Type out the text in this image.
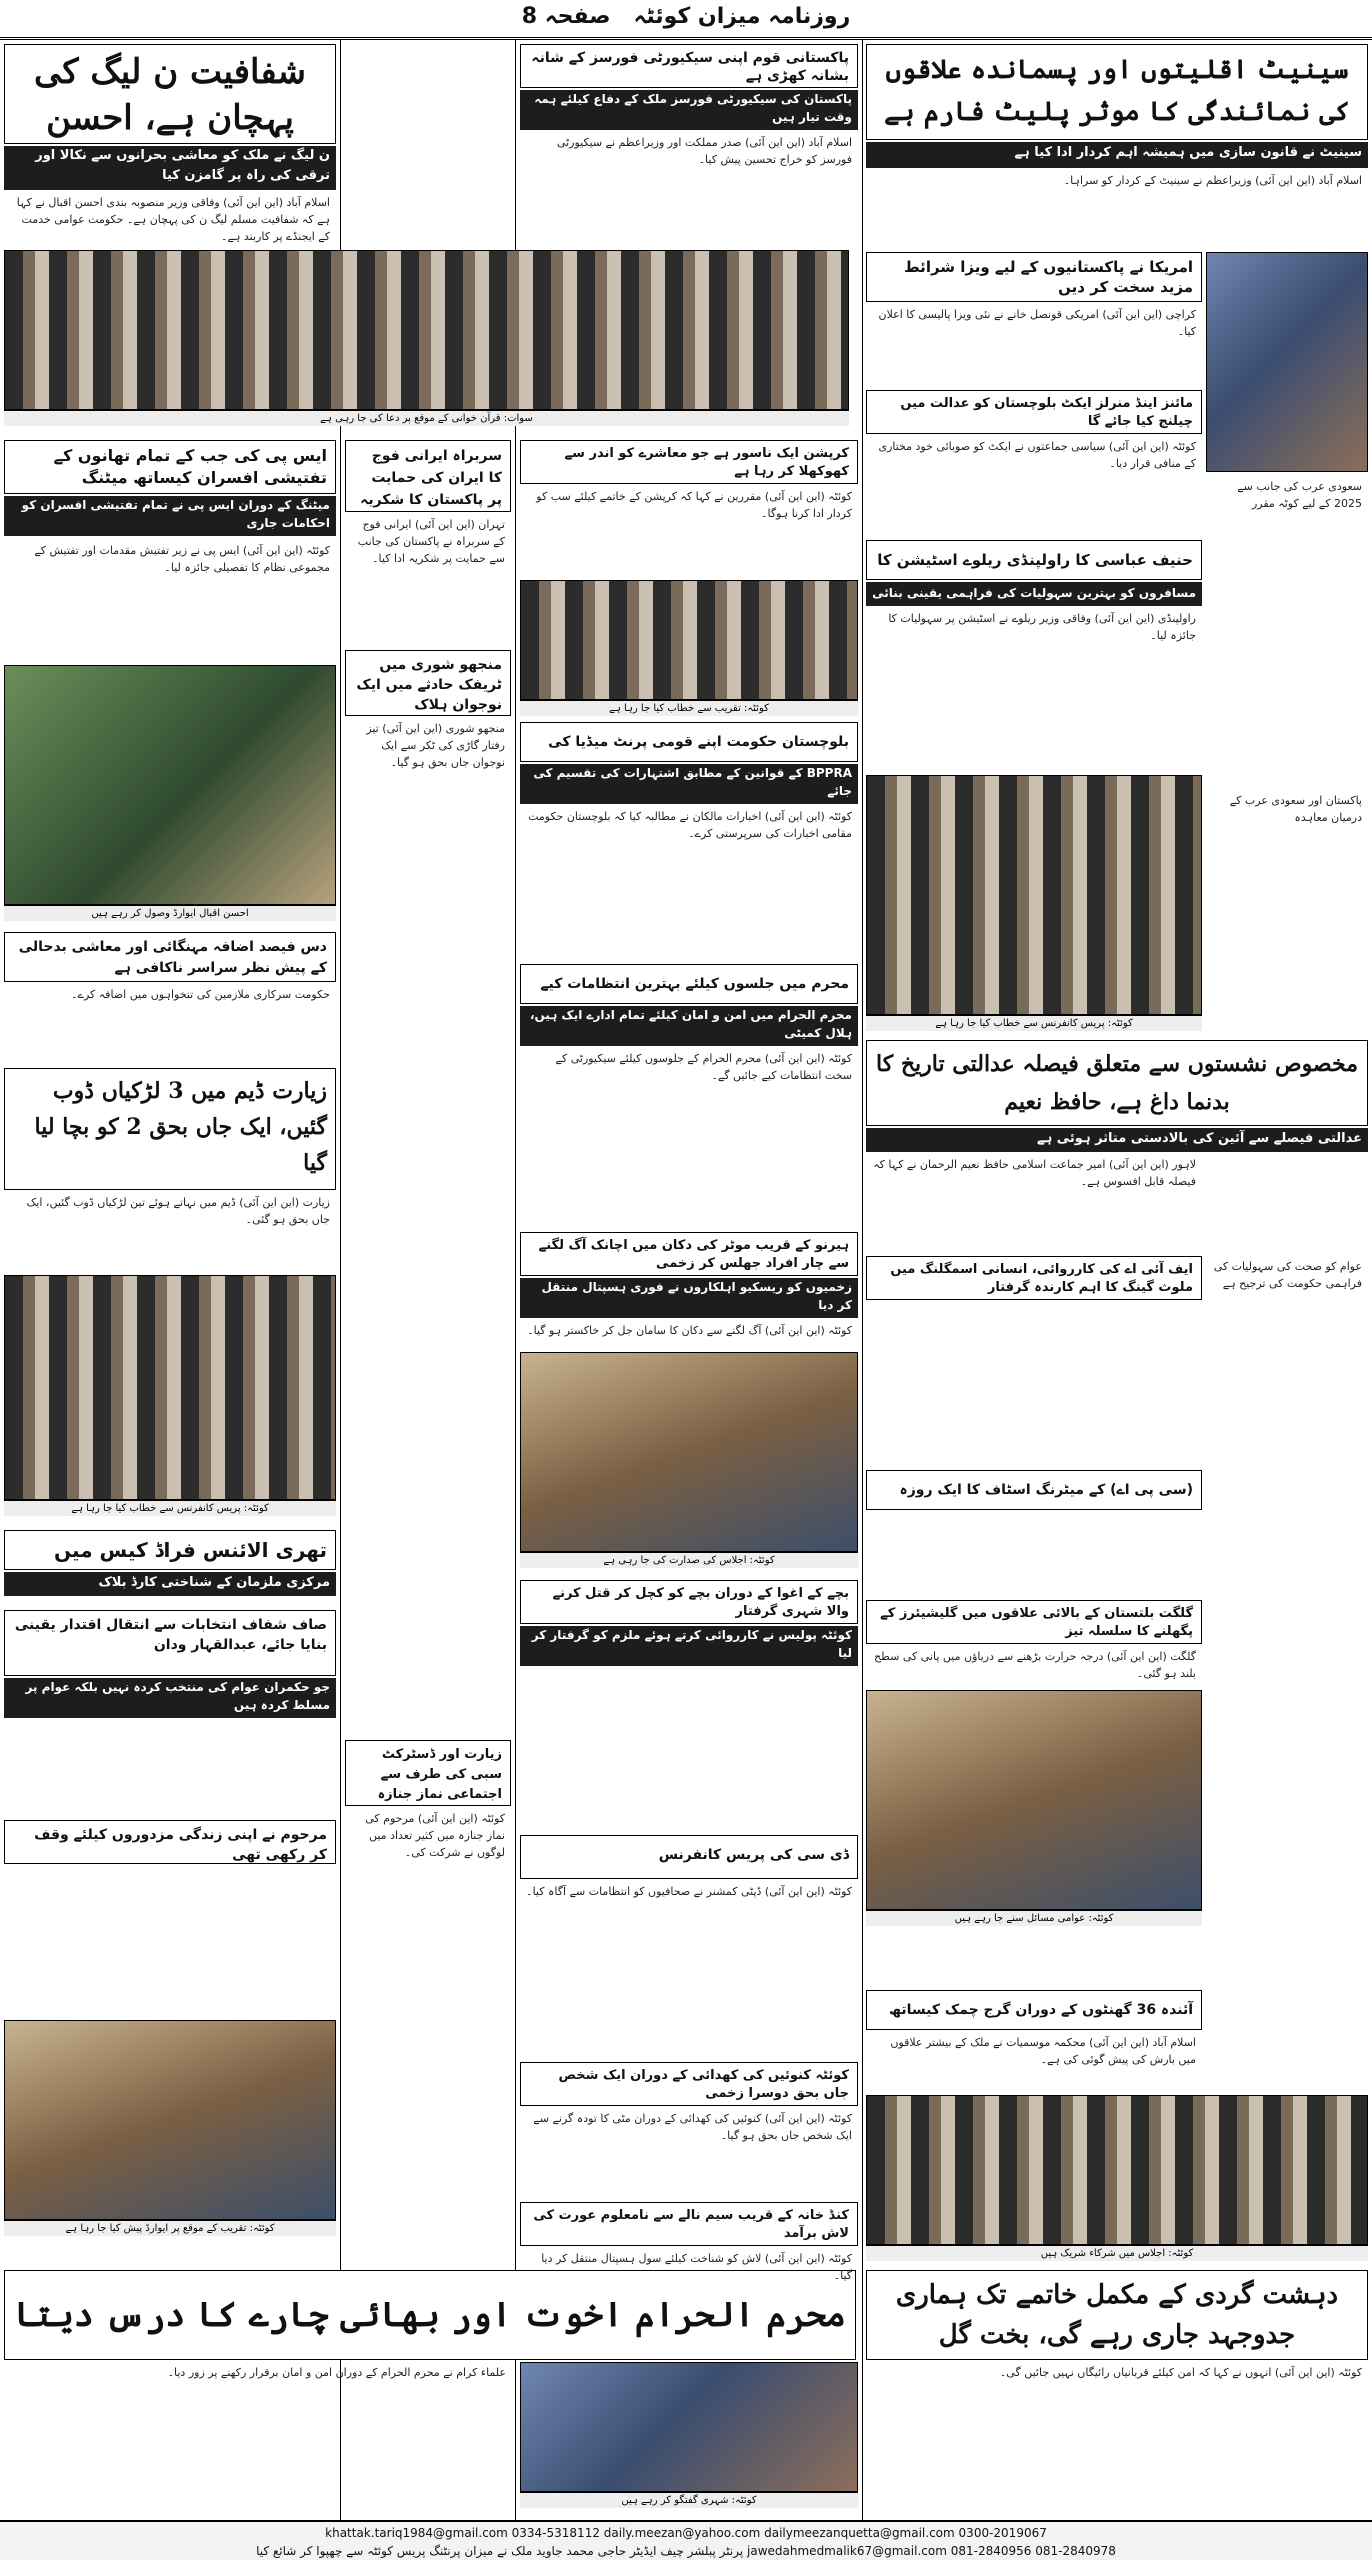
روزنامہ میزان کوئٹہ   صفحہ 8
شفافیت ن لیگ کی پہچان ہے، احسن
ن لیگ نے ملک کو معاشی بحرانوں سے نکالا اور ترقی کی راہ پر گامزن کیا
اسلام آباد (این این آئی) وفاقی وزیر منصوبہ بندی احسن اقبال نے کہا ہے کہ شفافیت مسلم لیگ ن کی پہچان ہے۔ حکومت عوامی خدمت کے ایجنڈے پر کاربند ہے۔
سوات: قرآن خوانی کے موقع پر دعا کی جا رہی ہے
ایس پی کی جب کے تمام تھانوں کے تفتیشی افسران کیساتھ میٹنگ
میٹنگ کے دوران ایس پی نے تمام تفتیشی افسران کو احکامات جاری
کوئٹہ (این این آئی) ایس پی نے زیر تفتیش مقدمات اور تفتیش کے مجموعی نظام کا تفصیلی جائزہ لیا۔
احسن اقبال ایوارڈ وصول کر رہے ہیں
دس فیصد اضافہ مہنگائی اور معاشی بدحالی کے پیش نظر سراسر ناکافی ہے
حکومت سرکاری ملازمین کی تنخواہوں میں اضافہ کرے۔
زیارت ڈیم میں 3 لڑکیاں ڈوب گئیں، ایک جاں بحق 2 کو بچا لیا گیا
زیارت (این این آئی) ڈیم میں نہاتے ہوئے تین لڑکیاں ڈوب گئیں، ایک جاں بحق ہو گئی۔
کوئٹہ: پریس کانفرنس سے خطاب کیا جا رہا ہے
تھری الائنس فراڈ کیس میں
مرکزی ملزمان کے شناختی کارڈ بلاک
صاف شفاف انتخابات سے انتقال اقتدار یقینی بنایا جائے، عبدالقہار ودان
جو حکمران عوام کی منتخب کردہ نہیں بلکہ عوام پر مسلط کردہ ہیں
مرحوم نے اپنی زندگی مزدوروں کیلئے وقف کر رکھی تھی
کوئٹہ: تقریب کے موقع پر ایوارڈ پیش کیا جا رہا ہے
محرم الحرام اخوت اور بھائی چارے کا درس دیتا
علماء کرام نے محرم الحرام کے دوران امن و امان برقرار رکھنے پر زور دیا۔
سربراہ ایرانی فوج کا ایران کی حمایت پر پاکستان کا شکریہ
تہران (این این آئی) ایرانی فوج کے سربراہ نے پاکستان کی جانب سے حمایت پر شکریہ ادا کیا۔
منجھو شوری میں ٹریفک حادثے میں ایک نوجوان ہلاک
منجھو شوری (این این آئی) تیز رفتار گاڑی کی ٹکر سے ایک نوجوان جاں بحق ہو گیا۔
زیارت اور ڈسٹرکٹ سبی کی طرف سے اجتماعی نماز جنازہ
کوئٹہ (این این آئی) مرحوم کی نماز جنازہ میں کثیر تعداد میں لوگوں نے شرکت کی۔
پاکستانی قوم اپنی سیکیورٹی فورسز کے شانہ بشانہ کھڑی ہے
پاکستان کی سیکیورٹی فورسز ملک کے دفاع کیلئے ہمہ وقت تیار ہیں
اسلام آباد (این این آئی) صدر مملکت اور وزیراعظم نے سیکیورٹی فورسز کو خراج تحسین پیش کیا۔
کرپشن ایک ناسور ہے جو معاشرے کو اندر سے کھوکھلا کر رہا ہے
کوئٹہ (این این آئی) مقررین نے کہا کہ کرپشن کے خاتمے کیلئے سب کو کردار ادا کرنا ہوگا۔
کوئٹہ: تقریب سے خطاب کیا جا رہا ہے
بلوچستان حکومت اپنے قومی پرنٹ میڈیا کی
BPPRA کے قوانین کے مطابق اشتہارات کی تقسیم کی جائے
کوئٹہ (این این آئی) اخبارات مالکان نے مطالبہ کیا کہ بلوچستان حکومت مقامی اخبارات کی سرپرستی کرے۔
محرم میں جلسوں کیلئے بہترین انتظامات کیے
محرم الحرام میں امن و امان کیلئے تمام ادارے ایک ہیں، ہلال کمیٹی
کوئٹہ (این این آئی) محرم الحرام کے جلوسوں کیلئے سیکیورٹی کے سخت انتظامات کیے جائیں گے۔
ہیرنو کے قریب موٹر کی دکان میں اچانک آگ لگنے سے چار افراد جھلس کر زخمی
زخمیوں کو ریسکیو اہلکاروں نے فوری ہسپتال منتقل کر دیا
کوئٹہ (این این آئی) آگ لگنے سے دکان کا سامان جل کر خاکستر ہو گیا۔
کوئٹہ: اجلاس کی صدارت کی جا رہی ہے
بچے کے اغوا کے دوران بچے کو کچل کر قتل کرنے والا شہری گرفتار
کوئٹہ پولیس نے کارروائی کرتے ہوئے ملزم کو گرفتار کر لیا
ڈی سی کی پریس کانفرنس
کوئٹہ (این این آئی) ڈپٹی کمشنر نے صحافیوں کو انتظامات سے آگاہ کیا۔
کوئٹہ کنوئیں کی کھدائی کے دوران ایک شخص جاں بحق دوسرا زخمی
کوئٹہ (این این آئی) کنوئیں کی کھدائی کے دوران مٹی کا تودہ گرنے سے ایک شخص جاں بحق ہو گیا۔
کنڈ خانہ کے قریب سیم نالے سے نامعلوم عورت کی لاش برآمد
کوئٹہ (این این آئی) لاش کو شناخت کیلئے سول ہسپتال منتقل کر دیا گیا۔
کوئٹہ: شہری گفتگو کر رہے ہیں
سینیٹ اقلیتوں اور پسماندہ علاقوں کی نمائندگی کا موثر پلیٹ فارم ہے
سینیٹ نے قانون سازی میں ہمیشہ اہم کردار ادا کیا ہے
اسلام آباد (این این آئی) وزیراعظم نے سینیٹ کے کردار کو سراہا۔
امریکا نے پاکستانیوں کے لیے ویزا شرائط مزید سخت کر دیں
کراچی (این این آئی) امریکی قونصل خانے نے نئی ویزا پالیسی کا اعلان کیا۔
مائنز اینڈ منرلز ایکٹ بلوچستان کو عدالت میں چیلنج کیا جائے گا
کوئٹہ (این این آئی) سیاسی جماعتوں نے ایکٹ کو صوبائی خود مختاری کے منافی قرار دیا۔
حنیف عباسی کا راولپنڈی ریلوے اسٹیشن کا
مسافروں کو بہترین سہولیات کی فراہمی یقینی بنائی
راولپنڈی (این این آئی) وفاقی وزیر ریلوے نے اسٹیشن پر سہولیات کا جائزہ لیا۔
سعودی عرب کی جانب سے 2025 کے لیے کوٹہ مقرر
پاکستان اور سعودی عرب کے درمیان معاہدہ
کوئٹہ: پریس کانفرنس سے خطاب کیا جا رہا ہے
مخصوص نشستوں سے متعلق فیصلہ عدالتی تاریخ کا بدنما داغ ہے، حافظ نعیم
عدالتی فیصلے سے آئین کی بالادستی متاثر ہوئی ہے
لاہور (این این آئی) امیر جماعت اسلامی حافظ نعیم الرحمان نے کہا کہ فیصلہ قابل افسوس ہے۔
ایف آئی اے کی کارروائی، انسانی اسمگلنگ میں ملوث گینگ کا اہم کارندہ گرفتار
(سی پی اے) کے میٹرنگ اسٹاف کا ایک روزہ
گلگت بلتستان کے بالائی علاقوں میں گلیشیئرز کے پگھلنے کا سلسلہ تیز
گلگت (این این آئی) درجہ حرارت بڑھنے سے دریاؤں میں پانی کی سطح بلند ہو گئی۔
عوام کو صحت کی سہولیات کی فراہمی حکومت کی ترجیح ہے
کوئٹہ: عوامی مسائل سنے جا رہے ہیں
آئندہ 36 گھنٹوں کے دوران گرج چمک کیساتھ
اسلام آباد (این این آئی) محکمہ موسمیات نے ملک کے بیشتر علاقوں میں بارش کی پیش گوئی کی ہے۔
کوئٹہ: اجلاس میں شرکاء شریک ہیں
دہشت گردی کے مکمل خاتمے تک ہماری جدوجہد جاری رہے گی، بخت گل
کوئٹہ (این این آئی) انہوں نے کہا کہ امن کیلئے قربانیاں رائیگاں نہیں جائیں گی۔
0300-2019067 khattak.tariq1984@gmail.com 0334-5318112 daily.meezan@yahoo.com dailymeezanquetta@gmail.com
081-2840978 081-2840956 jawedahmedmalik67@gmail.com پرنٹر پبلشر چیف ایڈیٹر حاجی محمد جاوید ملک نے میزان پرنٹنگ پریس کوئٹہ سے چھپوا کر شائع کیا
